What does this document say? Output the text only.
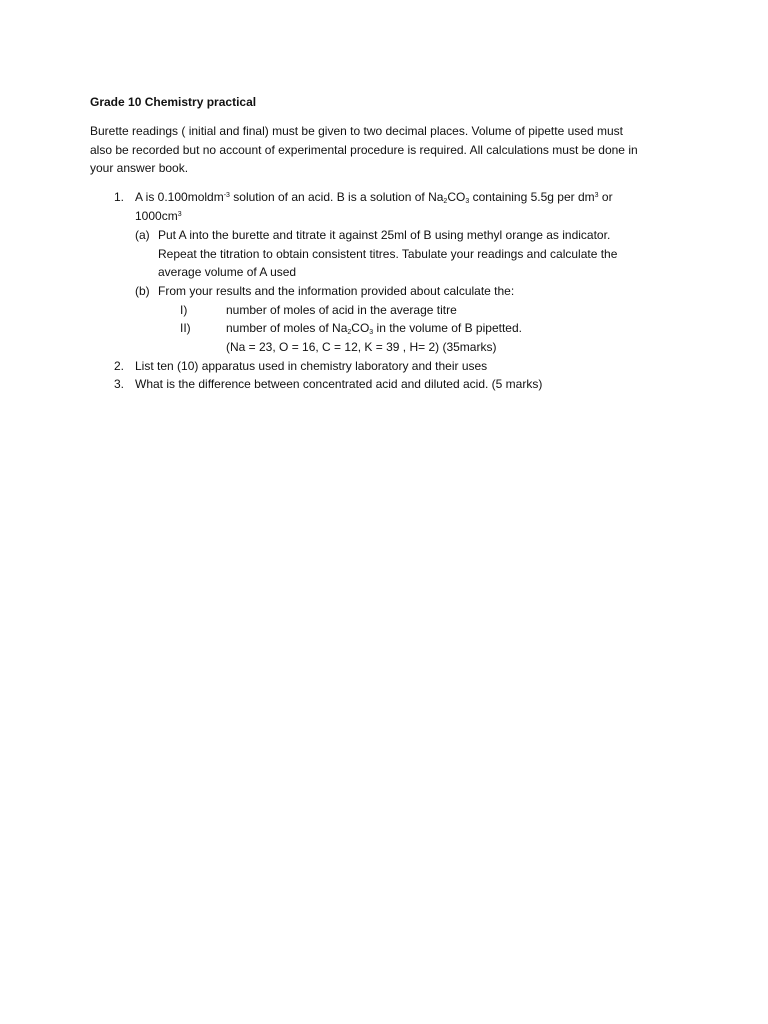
Grade 10 Chemistry practical
Burette readings ( initial and final) must be given to two decimal places. Volume of pipette used must
also be recorded but no account of experimental procedure is required. All calculations must be done in
your answer book.
1. A is 0.100moldm$^{-3}$ solution of an acid. B is a solution of $Na_2CO_3$ containing 5.5g per $dm^3$ or
$1000cm^3$
(a) Put A into the burette and titrate it against 25ml of B using methyl orange as indicator.
Repeat the titration to obtain consistent titres. Tabulate your readings and calculate the
average volume of A used
(b) From your results and the information provided about calculate the:
I)	number of moles of acid in the average titre
II)	number of moles of $Na_2CO_3$ in the volume of B pipetted.
(Na = 23, O = 16, C = 12, K = 39 , H= 2) (35marks)
2. List ten (10) apparatus used in chemistry laboratory and their uses
3. What is the difference between concentrated acid and diluted acid. (5 marks)
